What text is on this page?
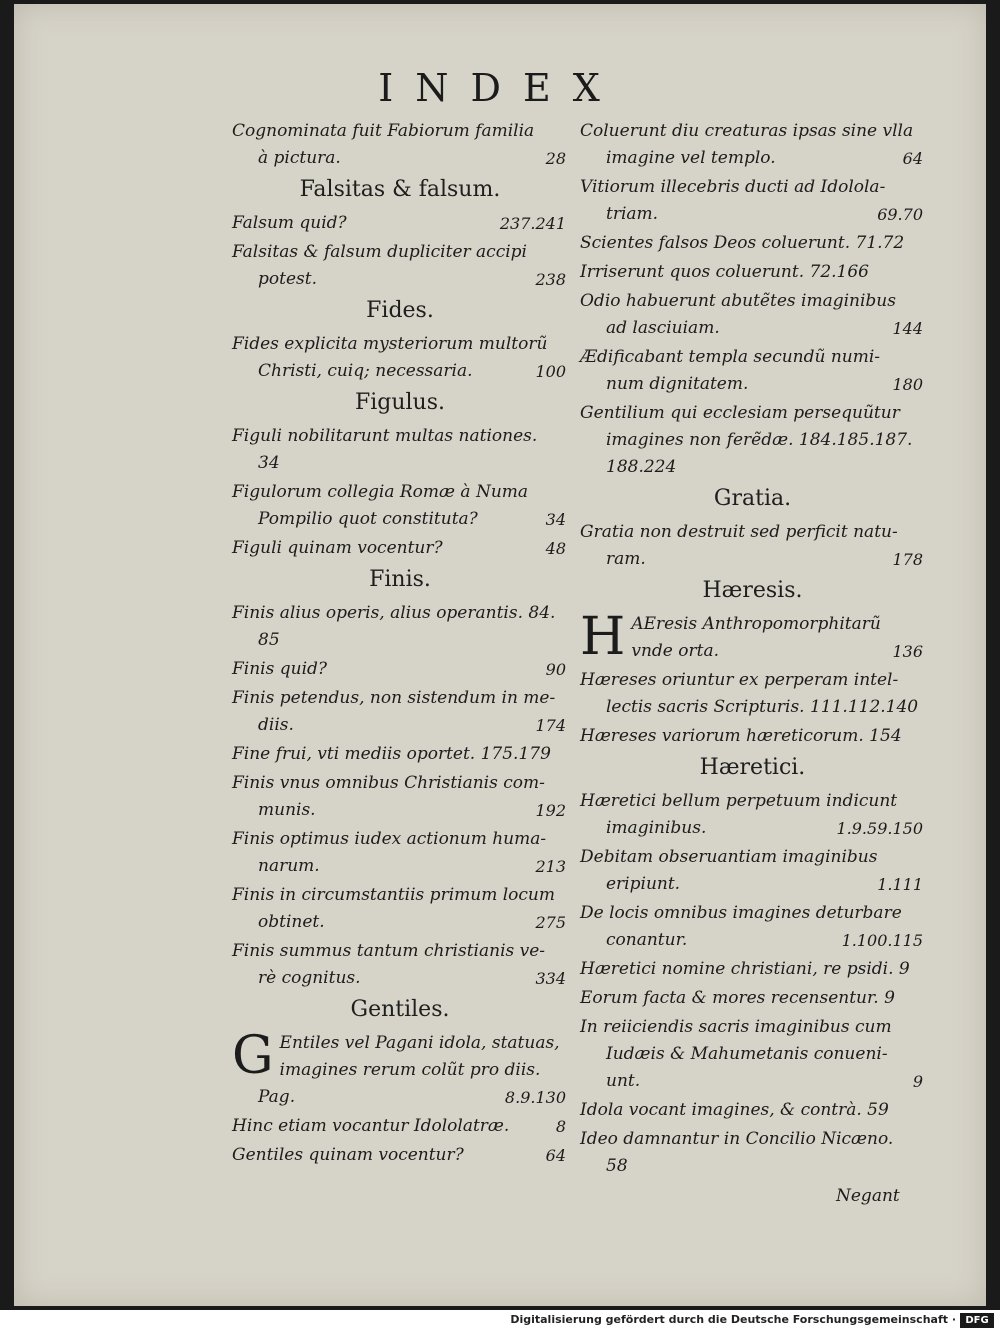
INDEX
Cognominata fuit Fabiorum familia
à pictura.	28
Falsitas & falsum.
Falsum quid?	237.241
Falsitas & falsum dupliciter accipi
potest.	238
Fides.
Fides explicita mysteriorum multorũ
Christi, cuiq; necessaria.	100
Figulus.
Figuli nobilitarunt multas nationes.
34
Figulorum collegia Romæ à Numa
Pompilio quot constituta?	34
Figuli quinam vocentur?	48
Finis.
Finis alius operis, alius operantis. 84.
85
Finis quid?	90
Finis petendus, non sistendum in me-
diis.	174
Fine frui, vti mediis oportet. 175.179
Finis vnus omnibus Christianis com-
munis.	192
Finis optimus iudex actionum huma-
narum.	213
Finis in circumstantiis primum locum
obtinet.	275
Finis summus tantum christianis ve-
rè cognitus.	334
Gentiles.
G Entiles vel Pagani idola, statuas,
imagines rerum colũt pro diis.
Pag.	8.9.130
Hinc etiam vocantur Idololatræ.	8
Gentiles quinam vocentur?	64
Coluerunt diu creaturas ipsas sine vlla
imagine vel templo.	64
Vitiorum illecebris ducti ad Idolola-
triam.	69.70
Scientes falsos Deos coluerunt. 71.72
Irriserunt quos coluerunt. 72.166
Odio habuerunt abutẽtes imaginibus
ad lasciuiam.	144
Ædificabant templa secundũ numi-
num dignitatem.	180
Gentilium qui ecclesiam persequũtur
imagines non ferẽdæ. 184.185.187.
188.224
Gratia.
Gratia non destruit sed perficit natu-
ram.	178
Hæresis.
H AEresis Anthropomorphitarũ
vnde orta.	136
Hæreses oriuntur ex perperam intel-
lectis sacris Scripturis. 111.112.140
Hæreses variorum hæreticorum. 154
Hæretici.
Hæretici bellum perpetuum indicunt
imaginibus.	1.9.59.150
Debitam obseruantiam imaginibus
eripiunt.	1.111
De locis omnibus imagines deturbare
conantur.	1.100.115
Hæretici nomine christiani, re psidi. 9
Eorum facta & mores recensentur. 9
In reiiciendis sacris imaginibus cum
Iudæis & Mahumetanis conueni-
unt.	9
Idola vocant imagines, & contrà. 59
Ideo damnantur in Concilio Nicæno.
58
Negant
Digitalisierung gefördert durch die Deutsche Forschungsgemeinschaft · DFG
